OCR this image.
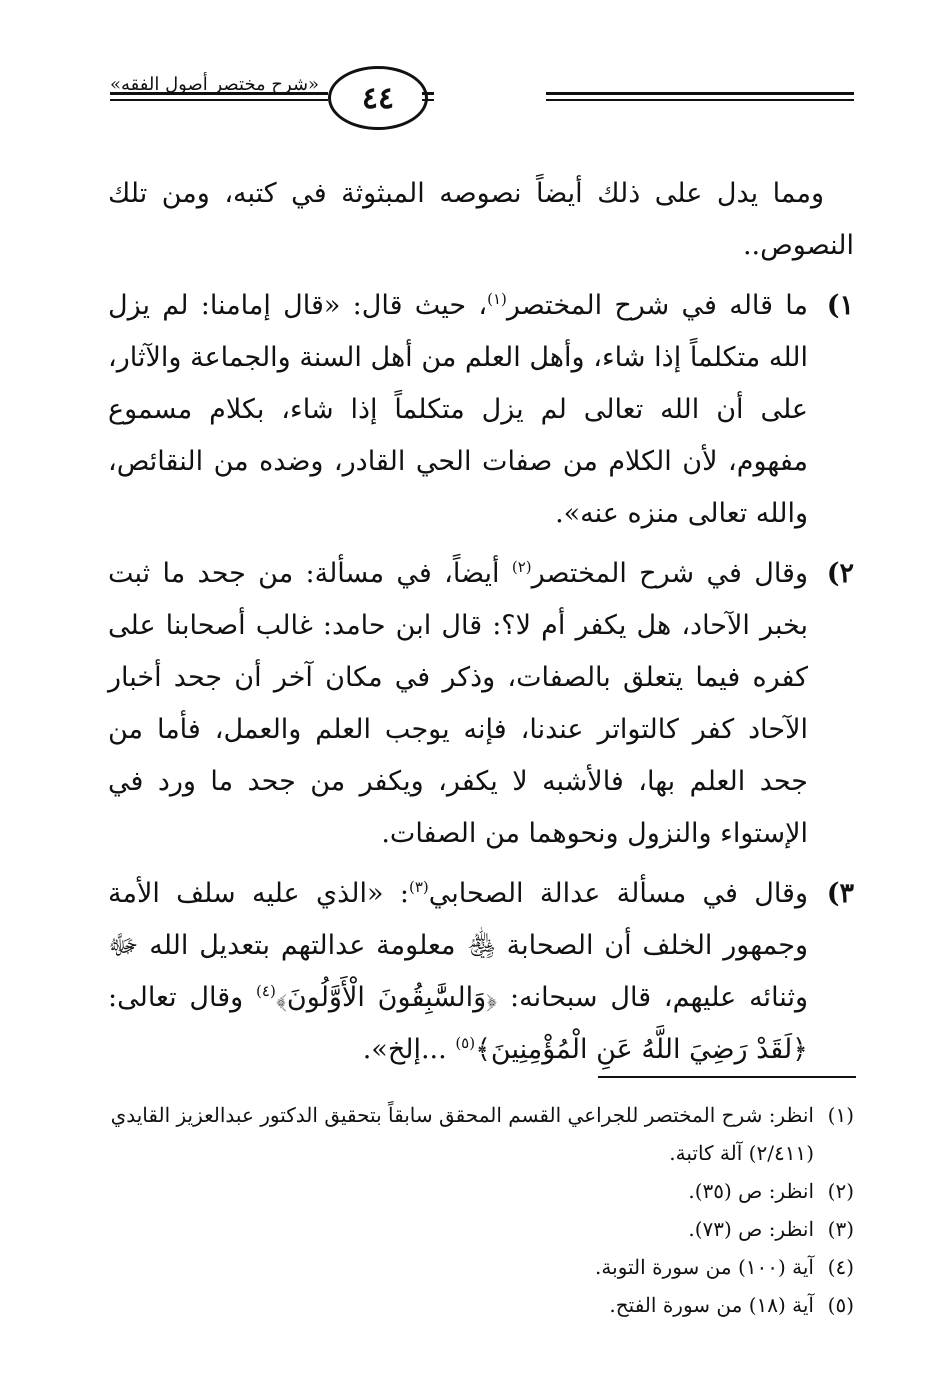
٤٤
«شرح مختصر أصول الفقه»

ومما يدل على ذلك أيضاً نصوصه المبثوثة في كتبه، ومن تلك النصوص..

١)
ما قاله في شرح المختصر$^{(١)}$، حيث قال: «قال إمامنا: لم يزل الله متكلماً إذا شاء، وأهل العلم من أهل السنة والجماعة والآثار، على أن الله تعالى لم يزل متكلماً إذا شاء، بكلام مسموع مفهوم، لأن الكلام من صفات الحي القادر، وضده من النقائص، والله تعالى منزه عنه».
٢)
وقال في شرح المختصر$^{(٢)}$ أيضاً، في مسألة: من جحد ما ثبت بخبر الآحاد، هل يكفر أم لا؟: قال ابن حامد: غالب أصحابنا على كفره فيما يتعلق بالصفات، وذكر في مكان آخر أن جحد أخبار الآحاد كفر كالتواتر عندنا، فإنه يوجب العلم والعمل، فأما من جحد العلم بها، فالأشبه لا يكفر، ويكفر من جحد ما ورد في الإستواء والنزول ونحوهما من الصفات.
٣)
وقال في مسألة عدالة الصحابي$^{(٣)}$: «الذي عليه سلف الأمة وجمهور الخلف أن الصحابة ﵃ معلومة عدالتهم بتعديل الله ﷻ وثنائه عليهم، قال سبحانه: ﴿وَالسَّٰبِقُونَ الْأَوَّلُونَ﴾$^{(٤)}$ وقال تعالى: ﴿لَقَدْ رَضِيَ اللَّهُ عَنِ الْمُؤْمِنِينَ﴾$^{(٥)}$ ...إلخ».
(١)
انظر: شرح المختصر للجراعي القسم المحقق سابقاً بتحقيق الدكتور عبدالعزيز القايدي (٢/٤١١) آلة كاتبة.
(٢)
انظر: ص (٣٥).
(٣)
انظر: ص (٧٣).
(٤)
آية (١٠٠) من سورة التوبة.
(٥)
آية (١٨) من سورة الفتح.
